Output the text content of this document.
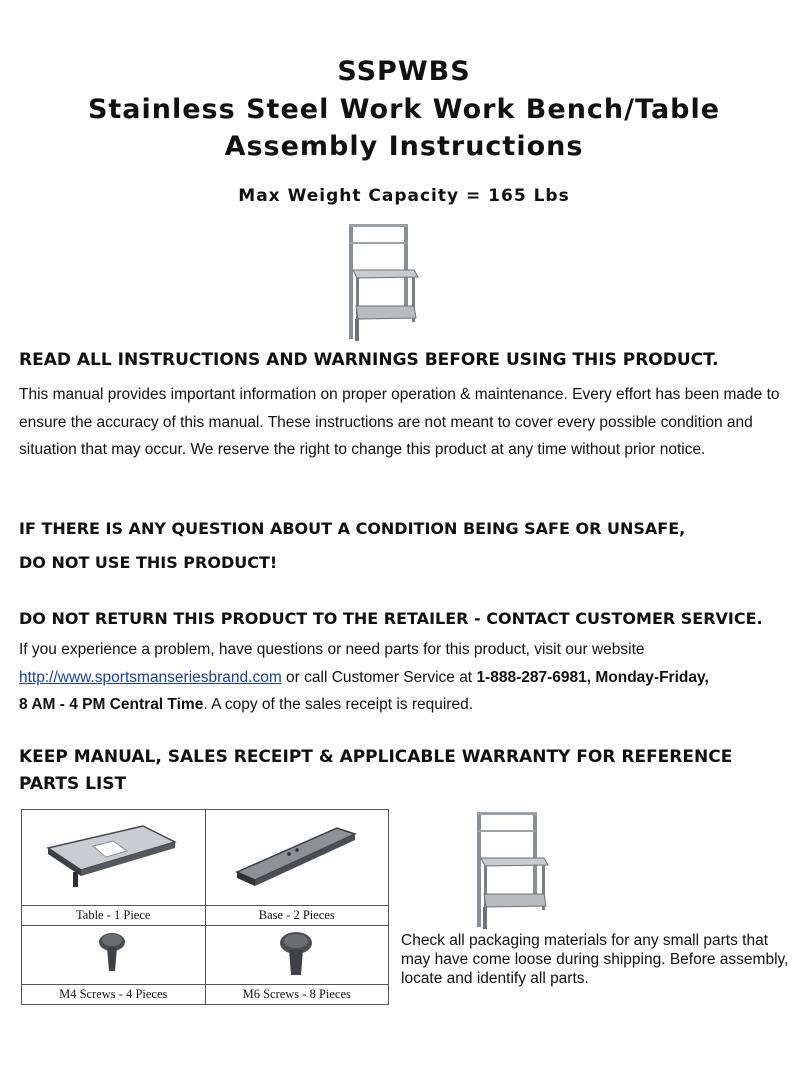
SSPWBS
Stainless Steel Work Work Bench/Table
Assembly Instructions
Max Weight Capacity = 165 Lbs
READ ALL INSTRUCTIONS AND WARNINGS BEFORE USING THIS PRODUCT.

This manual provides important information on proper operation & maintenance. Every effort has been made to ensure the accuracy of this manual. These instructions are not meant to cover every possible condition and situation that may occur. We reserve the right to change this product at any time without prior notice.

IF THERE IS ANY QUESTION ABOUT A CONDITION BEING SAFE OR UNSAFE,
DO NOT USE THIS PRODUCT!
DO NOT RETURN THIS PRODUCT TO THE RETAILER - CONTACT CUSTOMER SERVICE.

If you experience a problem, have questions or need parts for this product, visit our website
http://www.sportsmanseriesbrand.com or call Customer Service at 1-888-287-6981, Monday-Friday,
8 AM - 4 PM Central Time. A copy of the sales receipt is required.

KEEP MANUAL, SALES RECEIPT & APPLICABLE WARRANTY FOR REFERENCE
PARTS LIST

Table - 1 Piece	Base - 2 Pieces

M4 Screws - 4 Pieces	M6 Screws - 8 Pieces

Check all packaging materials for any small parts that may have come loose during shipping. Before assembly, locate and identify all parts.
